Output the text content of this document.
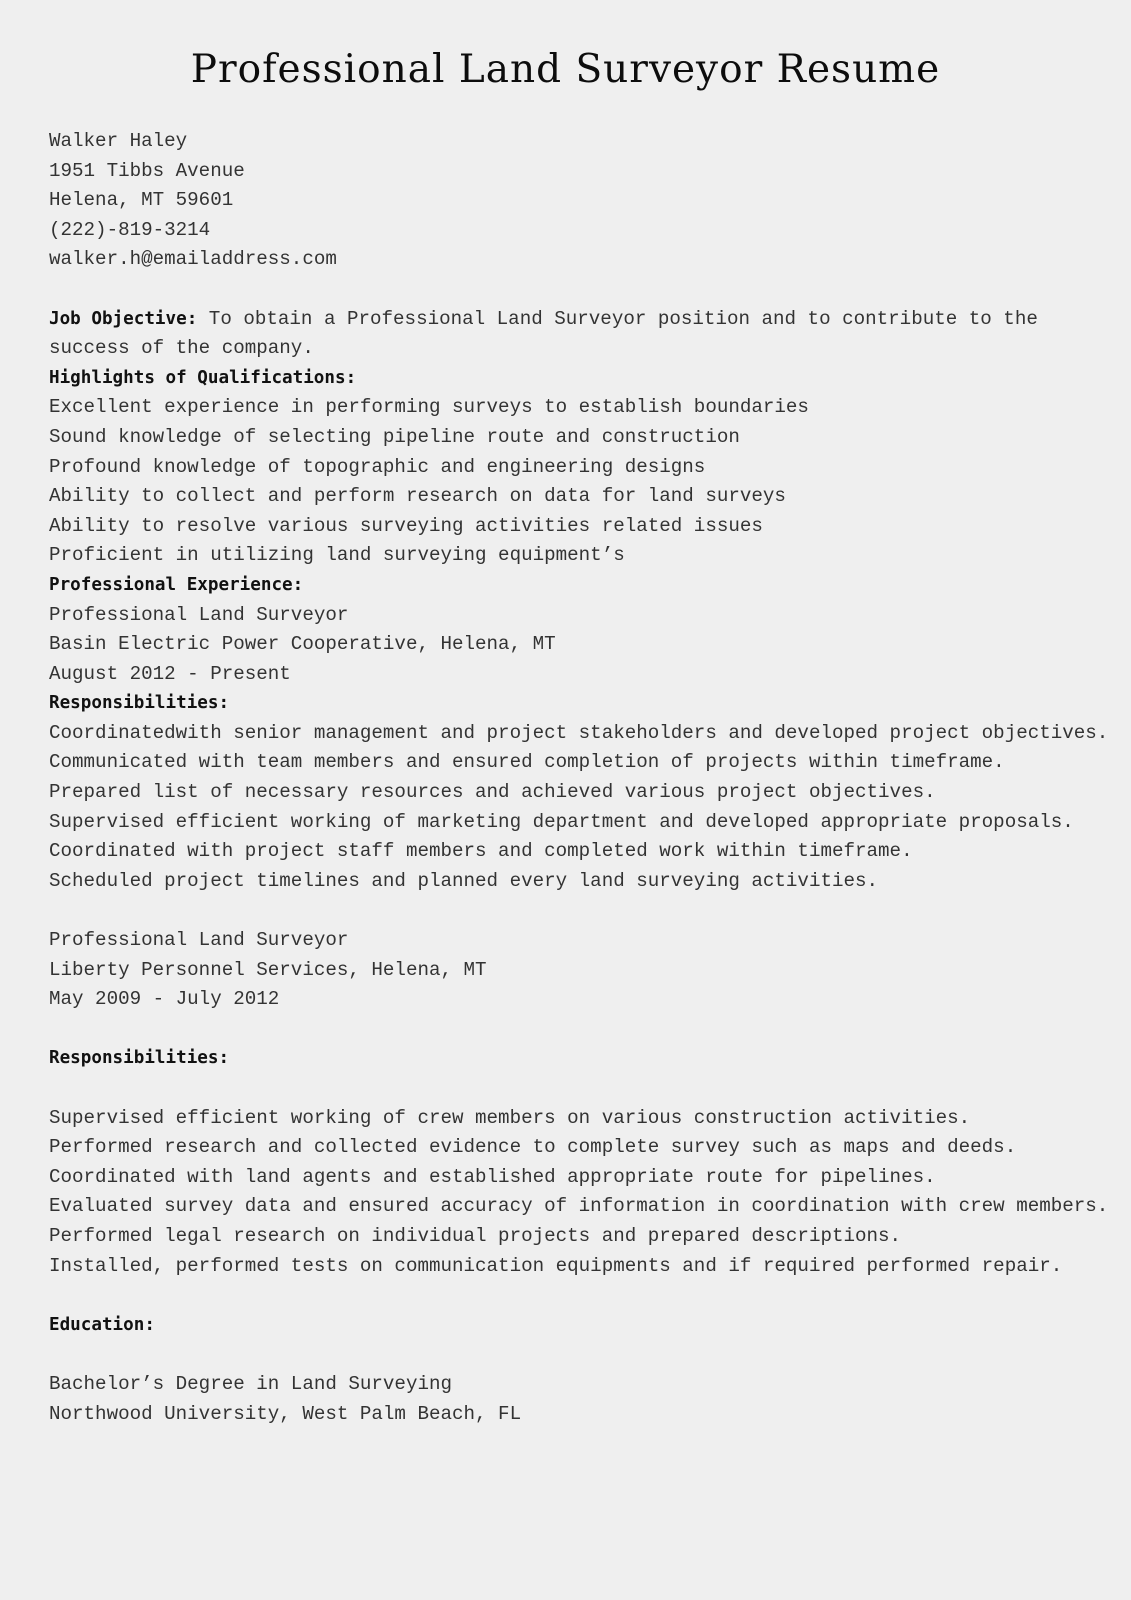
Professional Land Surveyor Resume
Walker Haley
1951 Tibbs Avenue
Helena, MT 59601
(222)-819-3214
walker.h@emailaddress.com
Job Objective: To obtain a Professional Land Surveyor position and to contribute to the success of the company.
Highlights of Qualifications:
Excellent experience in performing surveys to establish boundaries
Sound knowledge of selecting pipeline route and construction
Profound knowledge of topographic and engineering designs
Ability to collect and perform research on data for land surveys
Ability to resolve various surveying activities related issues
Proficient in utilizing land surveying equipment’s
Professional Experience:
Professional Land Surveyor
Basin Electric Power Cooperative, Helena, MT
August 2012 - Present
Responsibilities:
Coordinatedwith senior management and project stakeholders and developed project objectives.
Communicated with team members and ensured completion of projects within timeframe.
Prepared list of necessary resources and achieved various project objectives.
Supervised efficient working of marketing department and developed appropriate proposals.
Coordinated with project staff members and completed work within timeframe.
Scheduled project timelines and planned every land surveying activities.
Professional Land Surveyor
Liberty Personnel Services, Helena, MT
May 2009 - July 2012
Responsibilities:
Supervised efficient working of crew members on various construction activities.
Performed research and collected evidence to complete survey such as maps and deeds.
Coordinated with land agents and established appropriate route for pipelines.
Evaluated survey data and ensured accuracy of information in coordination with crew members.
Performed legal research on individual projects and prepared descriptions.
Installed, performed tests on communication equipments and if required performed repair.
Education:
Bachelor’s Degree in Land Surveying
Northwood University, West Palm Beach, FL
